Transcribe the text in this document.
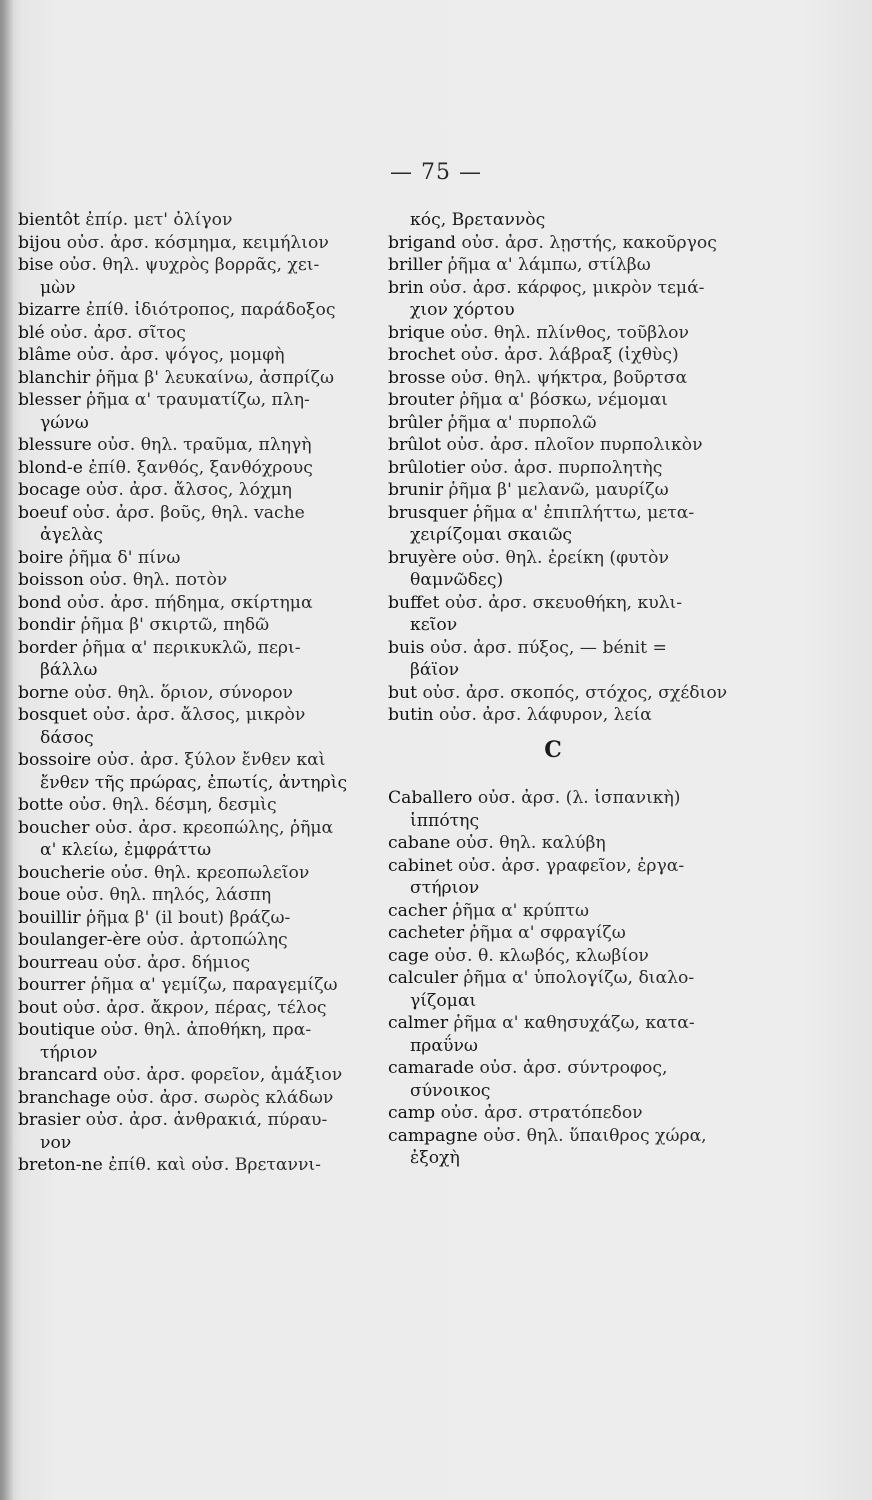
— 75 —
bientôt ἐπίρ. μετ' ὀλίγον
bijou οὐσ. ἀρσ. κόσμημα, κειμήλιον
bise οὐσ. θηλ. ψυχρὸς βορρᾶς, χει-
μὼν
bizarre ἐπίθ. ἰδιότροπος, παράδοξος
blé οὐσ. ἀρσ. σῖτος
blâme οὐσ. ἀρσ. ψόγος, μομφὴ
blanchir ῥῆμα β' λευκαίνω, ἀσπρίζω
blesser ῥῆμα α' τραυματίζω, πλη-
γώνω
blessure οὐσ. θηλ. τραῦμα, πληγὴ
blond-e ἐπίθ. ξανθός, ξανθόχρους
bocage οὐσ. ἀρσ. ἄλσος, λόχμη
boeuf οὐσ. ἀρσ. βοῦς, θηλ. vache
ἀγελὰς
boire ῥῆμα δ' πίνω
boisson οὐσ. θηλ. ποτὸν
bond οὐσ. ἀρσ. πήδημα, σκίρτημα
bondir ῥῆμα β' σκιρτῶ, πηδῶ
border ῥῆμα α' περικυκλῶ, περι-
βάλλω
borne οὐσ. θηλ. ὅριον, σύνορον
bosquet οὐσ. ἀρσ. ἄλσος, μικρὸν
δάσος
bossoire οὐσ. ἀρσ. ξύλον ἔνθεν καὶ
ἔνθεν τῆς πρώρας, ἐπωτίς, ἀντηρὶς
botte οὐσ. θηλ. δέσμη, δεσμὶς
boucher οὐσ. ἀρσ. κρεοπώλης, ῥῆμα
α' κλείω, ἐμφράττω
boucherie οὐσ. θηλ. κρεοπωλεῖον
boue οὐσ. θηλ. πηλός, λάσπη
bouillir ῥῆμα β' (il bout) βράζω-
boulanger-ère οὐσ. ἀρτοπώλης
bourreau οὐσ. ἀρσ. δήμιος
bourrer ῥῆμα α' γεμίζω, παραγεμίζω
bout οὐσ. ἀρσ. ἄκρον, πέρας, τέλος
boutique οὐσ. θηλ. ἀποθήκη, πρα-
τήριον
brancard οὐσ. ἀρσ. φορεῖον, ἁμάξιον
branchage οὐσ. ἀρσ. σωρὸς κλάδων
brasier οὐσ. ἀρσ. ἀνθρακιά, πύραυ-
νον
breton-ne ἐπίθ. καὶ οὐσ. Βρεταννι-
κός, Βρεταννὸς
brigand οὐσ. ἀρσ. λῃστής, κακοῦργος
briller ῥῆμα α' λάμπω, στίλβω
brin οὐσ. ἀρσ. κάρφος, μικρὸν τεμά-
χιον χόρτου
brique οὐσ. θηλ. πλίνθος, τοῦβλον
brochet οὐσ. ἀρσ. λάβραξ (ἰχθὺς)
brosse οὐσ. θηλ. ψήκτρα, βοῦρτσα
brouter ῥῆμα α' βόσκω, νέμομαι
brûler ῥῆμα α' πυρπολῶ
brûlot οὐσ. ἀρσ. πλοῖον πυρπολικὸν
brûlotier οὐσ. ἀρσ. πυρπολητὴς
brunir ῥῆμα β' μελανῶ, μαυρίζω
brusquer ῥῆμα α' ἐπιπλήττω, μετα-
χειρίζομαι σκαιῶς
bruyère οὐσ. θηλ. ἐρείκη (φυτὸν
θαμνῶδες)
buffet οὐσ. ἀρσ. σκευοθήκη, κυλι-
κεῖον
buis οὐσ. ἀρσ. πύξος, — bénit =
βάϊον
but οὐσ. ἀρσ. σκοπός, στόχος, σχέδιον
butin οὐσ. ἀρσ. λάφυρον, λεία
C
Caballero οὐσ. ἀρσ. (λ. ἱσπανικὴ)
ἱππότης
cabane οὐσ. θηλ. καλύβη
cabinet οὐσ. ἀρσ. γραφεῖον, ἐργα-
στήριον
cacher ῥῆμα α' κρύπτω
cacheter ῥῆμα α' σφραγίζω
cage οὐσ. θ. κλωβός, κλωβίον
calculer ῥῆμα α' ὑπολογίζω, διαλο-
γίζομαι
calmer ῥῆμα α' καθησυχάζω, κατα-
πραΰνω
camarade οὐσ. ἀρσ. σύντροφος,
σύνοικος
camp οὐσ. ἀρσ. στρατόπεδον
campagne οὐσ. θηλ. ὕπαιθρος χώρα,
ἐξοχὴ
